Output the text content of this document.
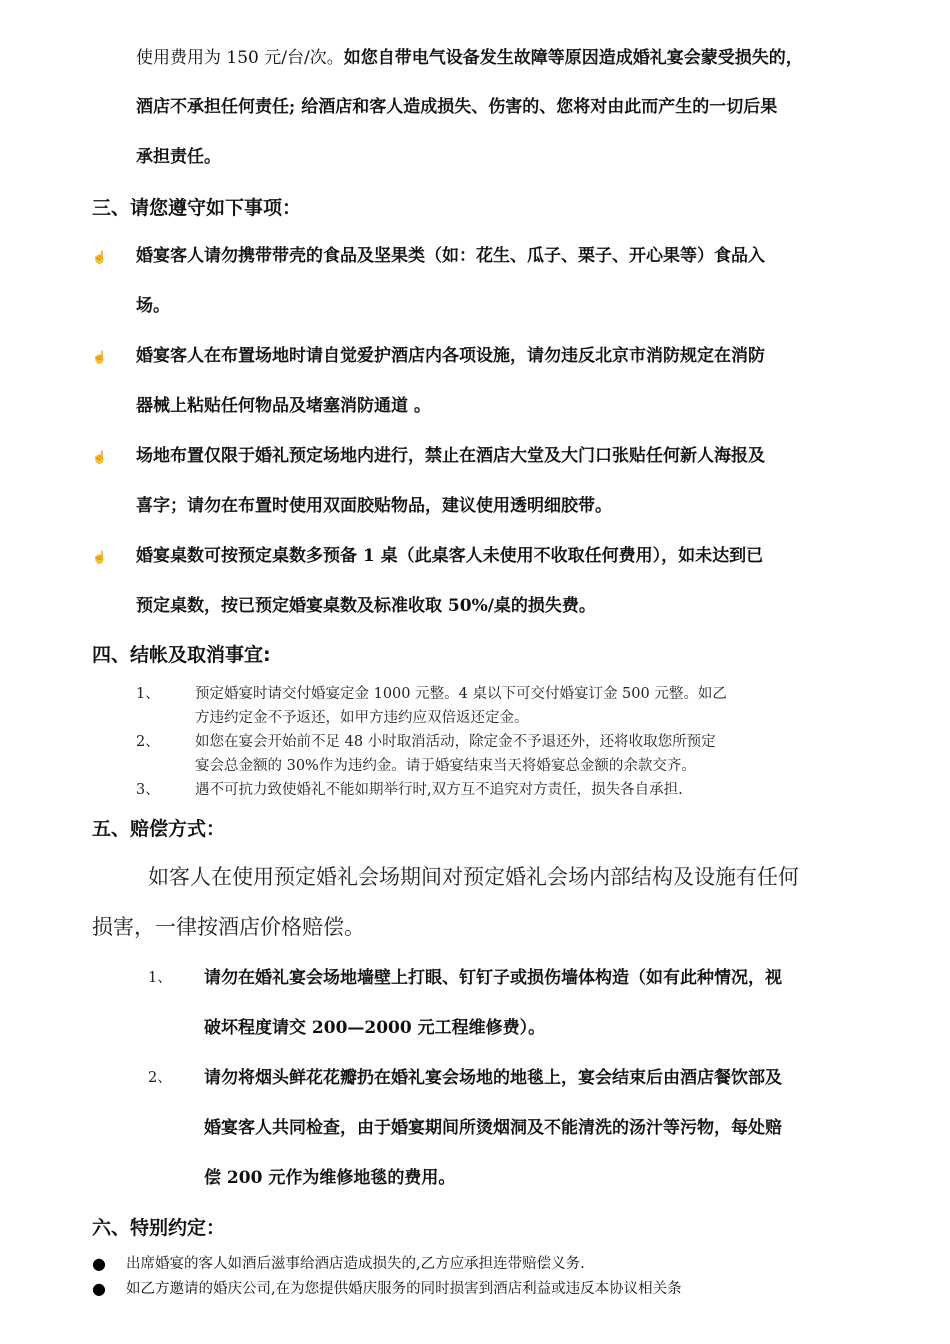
使用费用为 150 元/台/次。如您自带电气设备发生故障等原因造成婚礼宴会蒙受损失的，
酒店不承担任何责任; 给酒店和客人造成损失、伤害的、您将对由此而产生的一切后果
承担责任。
三、请您遵守如下事项：
☝ 婚宴客人请勿携带带壳的食品及坚果类（如：花生、瓜子、栗子、开心果等）食品入
场。
☝ 婚宴客人在布置场地时请自觉爱护酒店内各项设施，请勿违反北京市消防规定在消防
器械上粘贴任何物品及堵塞消防通道 。
☝ 场地布置仅限于婚礼预定场地内进行，禁止在酒店大堂及大门口张贴任何新人海报及
喜字；请勿在布置时使用双面胶贴物品，建议使用透明细胶带。
☝ 婚宴桌数可按预定桌数多预备 1 桌（此桌客人未使用不收取任何费用），如未达到已
预定桌数，按已预定婚宴桌数及标准收取 50%/桌的损失费。
四、结帐及取消事宜:
1、 预定婚宴时请交付婚宴定金 1000 元整。4 桌以下可交付婚宴订金 500 元整。如乙
方违约定金不予返还，如甲方违约应双倍返还定金。
2、 如您在宴会开始前不足 48 小时取消活动，除定金不予退还外，还将收取您所预定
宴会总金额的 30%作为违约金。请于婚宴结束当天将婚宴总金额的余款交齐。
3、 遇不可抗力致使婚礼不能如期举行时,双方互不追究对方责任，损失各自承担.
五、赔偿方式：
如客人在使用预定婚礼会场期间对预定婚礼会场内部结构及设施有任何
损害，一律按酒店价格赔偿。
1、 请勿在婚礼宴会场地墙壁上打眼、钉钉子或损伤墙体构造（如有此种情况，视
破坏程度请交 200—2000 元工程维修费）。
2、 请勿将烟头鲜花花瓣扔在婚礼宴会场地的地毯上，宴会结束后由酒店餐饮部及
婚宴客人共同检查，由于婚宴期间所烫烟洞及不能清洗的汤汁等污物，每处赔
偿 200 元作为维修地毯的费用。
六、特别约定：
● 出席婚宴的客人如酒后滋事给酒店造成损失的,乙方应承担连带赔偿义务.
● 如乙方邀请的婚庆公司,在为您提供婚庆服务的同时损害到酒店利益或违反本协议相关条
